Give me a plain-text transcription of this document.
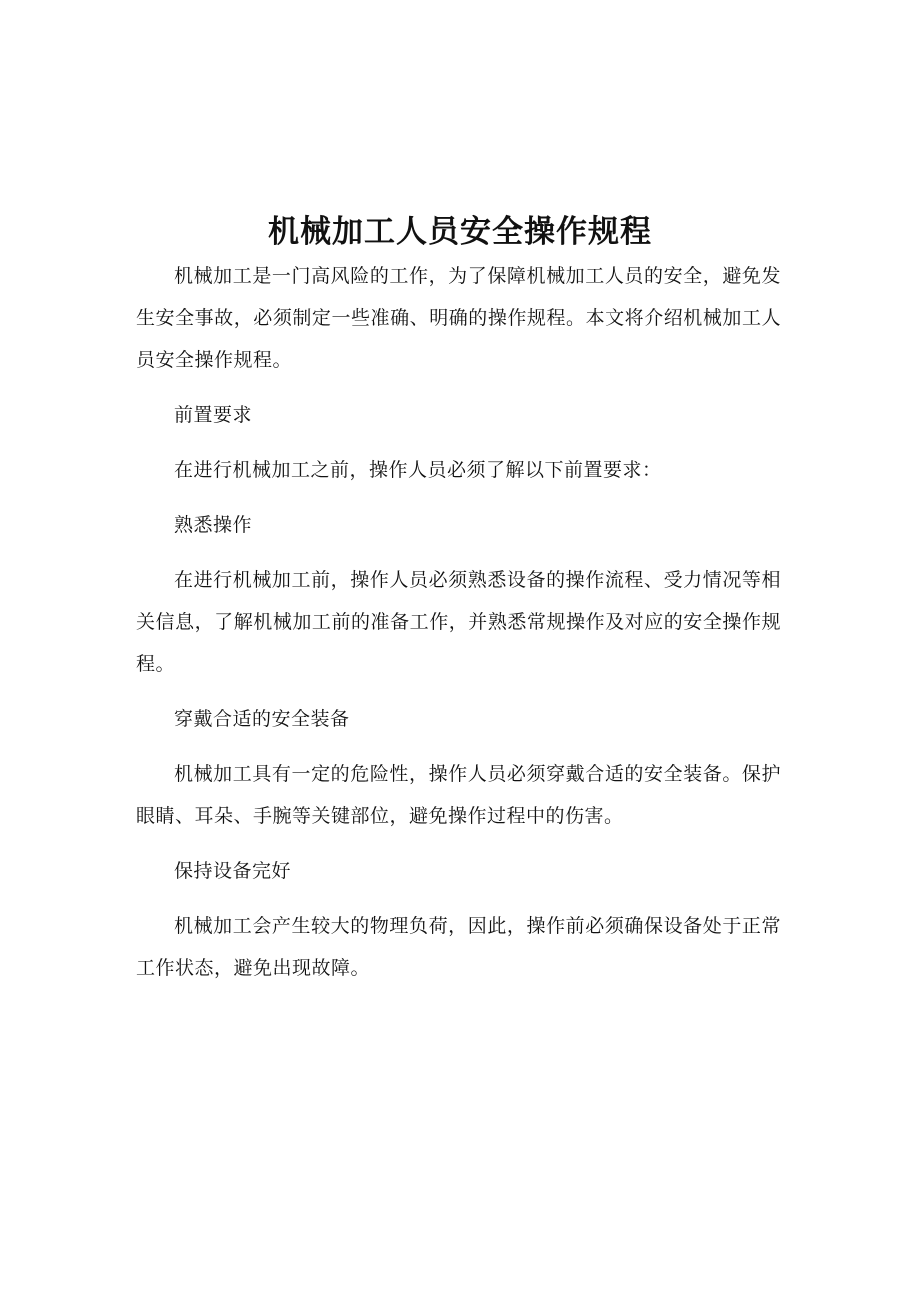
机械加工人员安全操作规程

机械加工是一门高风险的工作，为了保障机械加工人员的安全，避免发生安全事故，必须制定一些准确、明确的操作规程。本文将介绍机械加工人员安全操作规程。

前置要求

在进行机械加工之前，操作人员必须了解以下前置要求：

熟悉操作

在进行机械加工前，操作人员必须熟悉设备的操作流程、受力情况等相关信息，了解机械加工前的准备工作，并熟悉常规操作及对应的安全操作规程。

穿戴合适的安全装备

机械加工具有一定的危险性，操作人员必须穿戴合适的安全装备。保护眼睛、耳朵、手腕等关键部位，避免操作过程中的伤害。

保持设备完好

机械加工会产生较大的物理负荷，因此，操作前必须确保设备处于正常工作状态，避免出现故障。
